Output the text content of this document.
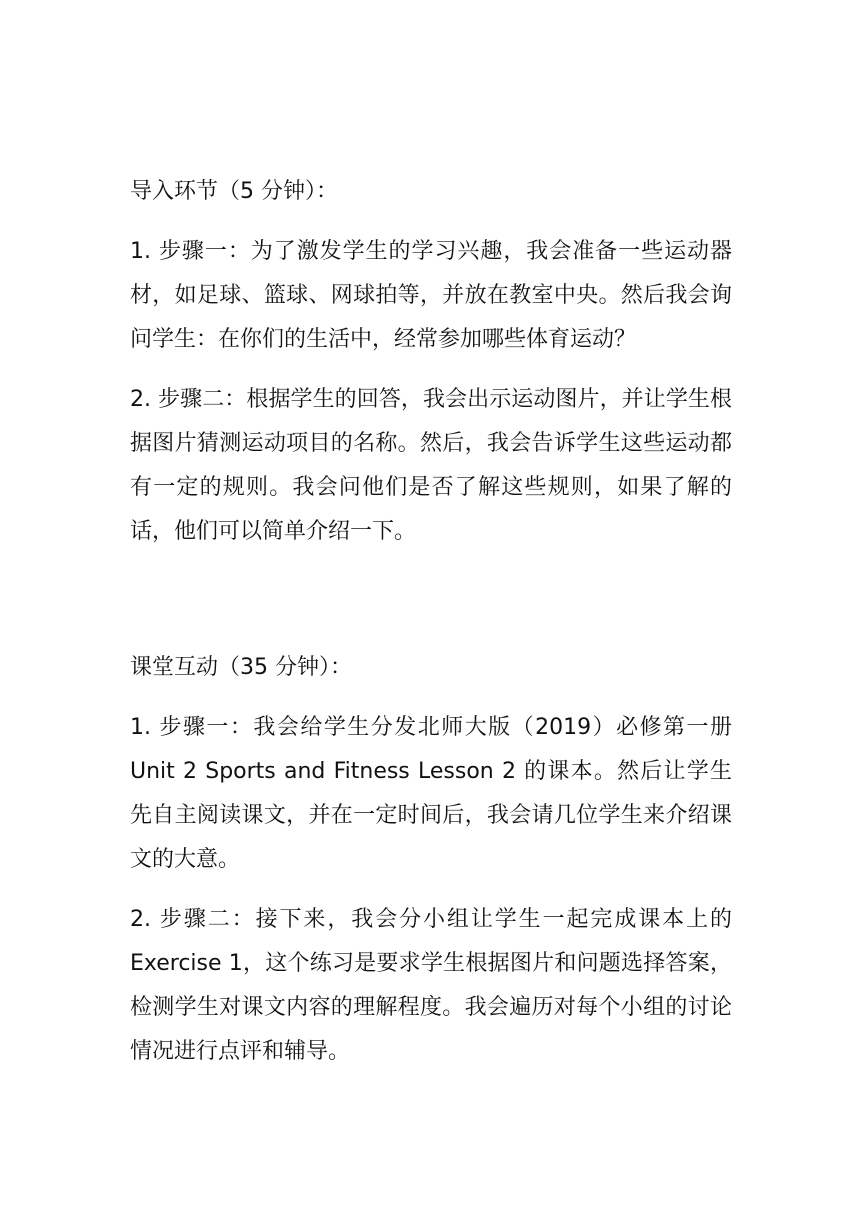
导入环节（5 分钟）：

1. 步骤一：为了激发学生的学习兴趣，我会准备一些运动器材，如足球、篮球、网球拍等，并放在教室中央。然后我会询问学生：在你们的生活中，经常参加哪些体育运动？

2. 步骤二：根据学生的回答，我会出示运动图片，并让学生根据图片猜测运动项目的名称。然后，我会告诉学生这些运动都有一定的规则。我会问他们是否了解这些规则，如果了解的话，他们可以简单介绍一下。

课堂互动（35 分钟）：

1. 步骤一：我会给学生分发北师大版（2019）必修第一册 Unit 2 Sports and Fitness Lesson 2 的课本。然后让学生先自主阅读课文，并在一定时间后，我会请几位学生来介绍课文的大意。

2. 步骤二：接下来，我会分小组让学生一起完成课本上的 Exercise 1，这个练习是要求学生根据图片和问题选择答案，检测学生对课文内容的理解程度。我会遍历对每个小组的讨论情况进行点评和辅导。
